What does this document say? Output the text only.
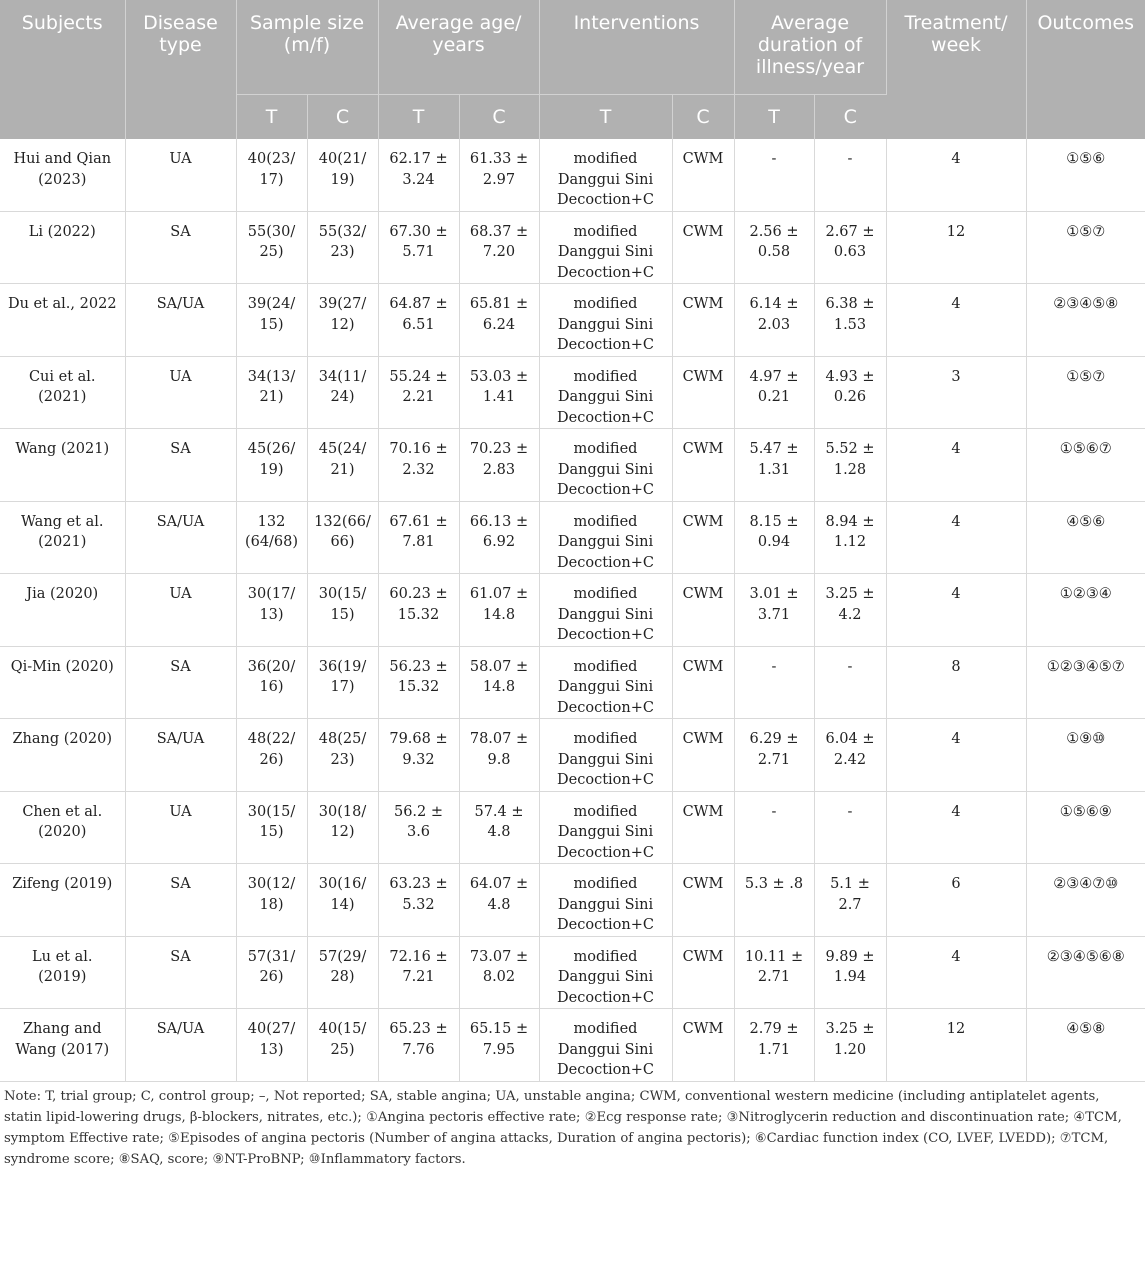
Subjects	Disease type	Sample size (m/f)		Average age/ years		Interventions		Average duration of illness/year		Treatment/ week	Outcomes
		T	C	T	C	T	C	T	C		
Hui and Qian (2023)	UA	40(23/ 17)	40(21/ 19)	62.17 ± 3.24	61.33 ± 2.97	modified Danggui Sini Decoction+C	CWM	-	-	4	①⑤⑥
Li (2022)	SA	55(30/ 25)	55(32/ 23)	67.30 ± 5.71	68.37 ± 7.20	modified Danggui Sini Decoction+C	CWM	2.56 ± 0.58	2.67 ± 0.63	12	①⑤⑦
Du et al., 2022	SA/UA	39(24/ 15)	39(27/ 12)	64.87 ± 6.51	65.81 ± 6.24	modified Danggui Sini Decoction+C	CWM	6.14 ± 2.03	6.38 ± 1.53	4	②③④⑤⑧
Cui et al. (2021)	UA	34(13/ 21)	34(11/ 24)	55.24 ± 2.21	53.03 ± 1.41	modified Danggui Sini Decoction+C	CWM	4.97 ± 0.21	4.93 ± 0.26	3	①⑤⑦
Wang (2021)	SA	45(26/ 19)	45(24/ 21)	70.16 ± 2.32	70.23 ± 2.83	modified Danggui Sini Decoction+C	CWM	5.47 ± 1.31	5.52 ± 1.28	4	①⑤⑥⑦
Wang et al. (2021)	SA/UA	132 (64/68)	132(66/ 66)	67.61 ± 7.81	66.13 ± 6.92	modified Danggui Sini Decoction+C	CWM	8.15 ± 0.94	8.94 ± 1.12	4	④⑤⑥
Jia (2020)	UA	30(17/ 13)	30(15/ 15)	60.23 ± 15.32	61.07 ± 14.8	modified Danggui Sini Decoction+C	CWM	3.01 ± 3.71	3.25 ± 4.2	4	①②③④
Qi-Min (2020)	SA	36(20/ 16)	36(19/ 17)	56.23 ± 15.32	58.07 ± 14.8	modified Danggui Sini Decoction+C	CWM	-	-	8	①②③④⑤⑦
Zhang (2020)	SA/UA	48(22/ 26)	48(25/ 23)	79.68 ± 9.32	78.07 ± 9.8	modified Danggui Sini Decoction+C	CWM	6.29 ± 2.71	6.04 ± 2.42	4	①⑨⑩
Chen et al. (2020)	UA	30(15/ 15)	30(18/ 12)	56.2 ± 3.6	57.4 ± 4.8	modified Danggui Sini Decoction+C	CWM	-	-	4	①⑤⑥⑨
Zifeng (2019)	SA	30(12/ 18)	30(16/ 14)	63.23 ± 5.32	64.07 ± 4.8	modified Danggui Sini Decoction+C	CWM	5.3 ± .8	5.1 ± 2.7	6	②③④⑦⑩
Lu et al. (2019)	SA	57(31/ 26)	57(29/ 28)	72.16 ± 7.21	73.07 ± 8.02	modified Danggui Sini Decoction+C	CWM	10.11 ± 2.71	9.89 ± 1.94	4	②③④⑤⑥⑧
Zhang and Wang (2017)	SA/UA	40(27/ 13)	40(15/ 25)	65.23 ± 7.76	65.15 ± 7.95	modified Danggui Sini Decoction+C	CWM	2.79 ± 1.71	3.25 ± 1.20	12	④⑤⑧
Note: T, trial group; C, control group; –, Not reported; SA, stable angina; UA, unstable angina; CWM, conventional western medicine (including antiplatelet agents, statin lipid-lowering drugs, β-blockers, nitrates, etc.); ①Angina pectoris effective rate; ②Ecg response rate; ③Nitroglycerin reduction and discontinuation rate; ④TCM, symptom Effective rate; ⑤Episodes of angina pectoris (Number of angina attacks, Duration of angina pectoris); ⑥Cardiac function index (CO, LVEF, LVEDD); ⑦TCM, syndrome score; ⑧SAQ, score; ⑨NT-ProBNP; ⑩Inflammatory factors.
